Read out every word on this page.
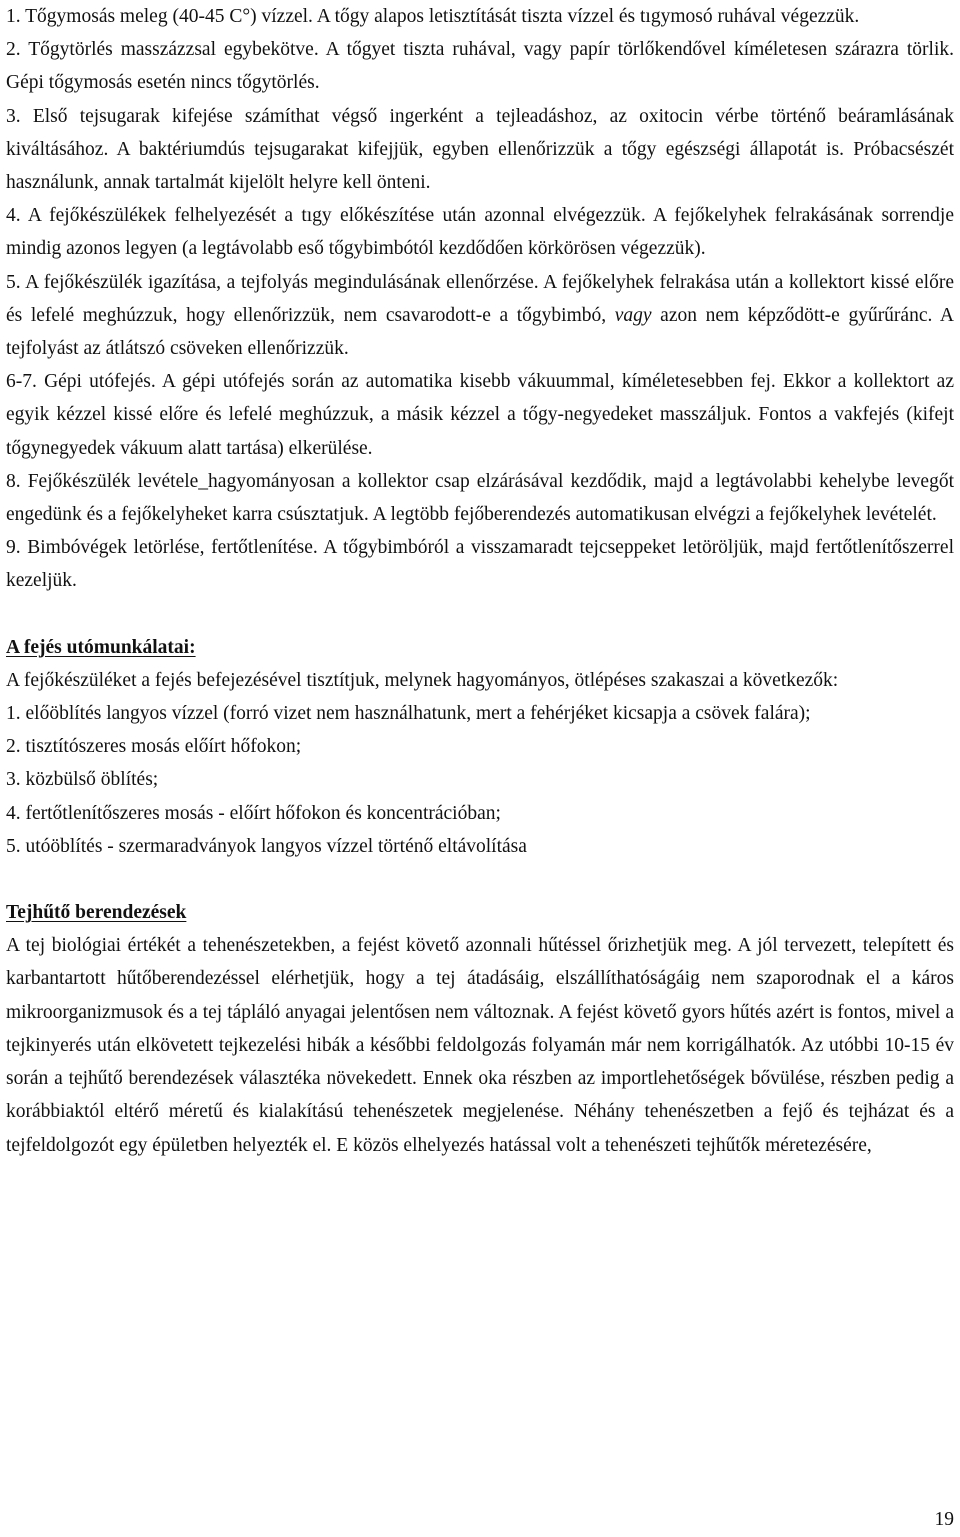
1. Tőgymosás meleg (40-45 C°) vízzel. A tőgy alapos letisztítását tiszta vízzel és tıgymosó ruhával végezzük.

2. Tőgytörlés masszázzsal egybekötve. A tőgyet tiszta ruhával, vagy papír törlőkendővel kíméletesen szárazra törlik. Gépi tőgymosás esetén nincs tőgytörlés.

3. Első tejsugarak kifejése számíthat végső ingerként a tejleadáshoz, az oxitocin vérbe történő beáramlásának kiváltásához. A baktériumdús tejsugarakat kifejjük, egyben ellenőrizzük a tőgy egészségi állapotát is. Próbacsészét használunk, annak tartalmát kijelölt helyre kell önteni.

4. A fejőkészülékek felhelyezését a tıgy előkészítése után azonnal elvégezzük. A fejőkelyhek felrakásának sorrendje mindig azonos legyen (a legtávolabb eső tőgybimbótól kezdődően körkörösen végezzük).

5. A fejőkészülék igazítása, a tejfolyás megindulásának ellenőrzése. A fejőkelyhek felrakása után a kollektort kissé előre és lefelé meghúzzuk, hogy ellenőrizzük, nem csavarodott-e a tőgybimbó, vagy azon nem képződött-e gyűrűránc. A tejfolyást az átlátszó csöveken ellenőrizzük.

6-7. Gépi utófejés. A gépi utófejés során az automatika kisebb vákuummal, kíméletesebben fej. Ekkor a kollektort az egyik kézzel kissé előre és lefelé meghúzzuk, a másik kézzel a tőgy-negyedeket masszáljuk. Fontos a vakfejés (kifejt tőgynegyedek vákuum alatt tartása) elkerülése.

8. Fejőkészülék levétele_hagyományosan a kollektor csap elzárásával kezdődik, majd a legtávolabbi kehelybe levegőt engedünk és a fejőkelyheket karra csúsztatjuk. A legtöbb fejőberendezés automatikusan elvégzi a fejőkelyhek levételét.

9. Bimbóvégek letörlése, fertőtlenítése. A tőgybimbóról a visszamaradt tejcseppeket letöröljük, majd fertőtlenítőszerrel kezeljük.

A fejés utómunkálatai:

A fejőkészüléket a fejés befejezésével tisztítjuk, melynek hagyományos, ötlépéses szakaszai a következők:

1. előöblítés langyos vízzel (forró vizet nem használhatunk, mert a fehérjéket kicsapja a csövek falára);

2. tisztítószeres mosás előírt hőfokon;

3. közbülső öblítés;

4. fertőtlenítőszeres mosás - előírt hőfokon és koncentrációban;

5. utóöblítés - szermaradványok langyos vízzel történő eltávolítása

Tejhűtő berendezések

A tej biológiai értékét a tehenészetekben, a fejést követő azonnali hűtéssel őrizhetjük meg. A jól tervezett, telepített és karbantartott hűtőberendezéssel elérhetjük, hogy a tej átadásáig, elszállíthatóságáig nem szaporodnak el a káros mikroorganizmusok és a tej tápláló anyagai jelentősen nem változnak. A fejést követő gyors hűtés azért is fontos, mivel a tejkinyerés után elkövetett tejkezelési hibák a későbbi feldolgozás folyamán már nem korrigálhatók. Az utóbbi 10-15 év során a tejhűtő berendezések választéka növekedett. Ennek oka részben az importlehetőségek bővülése, részben pedig a korábbiaktól eltérő méretű és kialakítású tehenészetek megjelenése. Néhány tehenészetben a fejő és tejházat és a tejfeldolgozót egy épületben helyezték el. E közös elhelyezés hatással volt a tehenészeti tejhűtők méretezésére,

19
